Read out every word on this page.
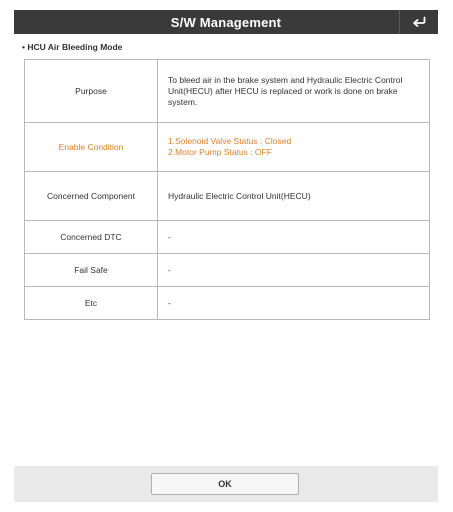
S/W Management
• HCU Air Bleeding Mode
Purpose	To bleed air in the brake system and Hydraulic Electric Control Unit(HECU) after HECU is replaced or work is done on brake system.

Enable Condition	1.Solenoid Valve Status : Closed
2.Motor Pump Status : OFF

Concerned Component	Hydraulic Electric Control Unit(HECU)

Concerned DTC	-

Fail Safe	-

Etc	-
OK
